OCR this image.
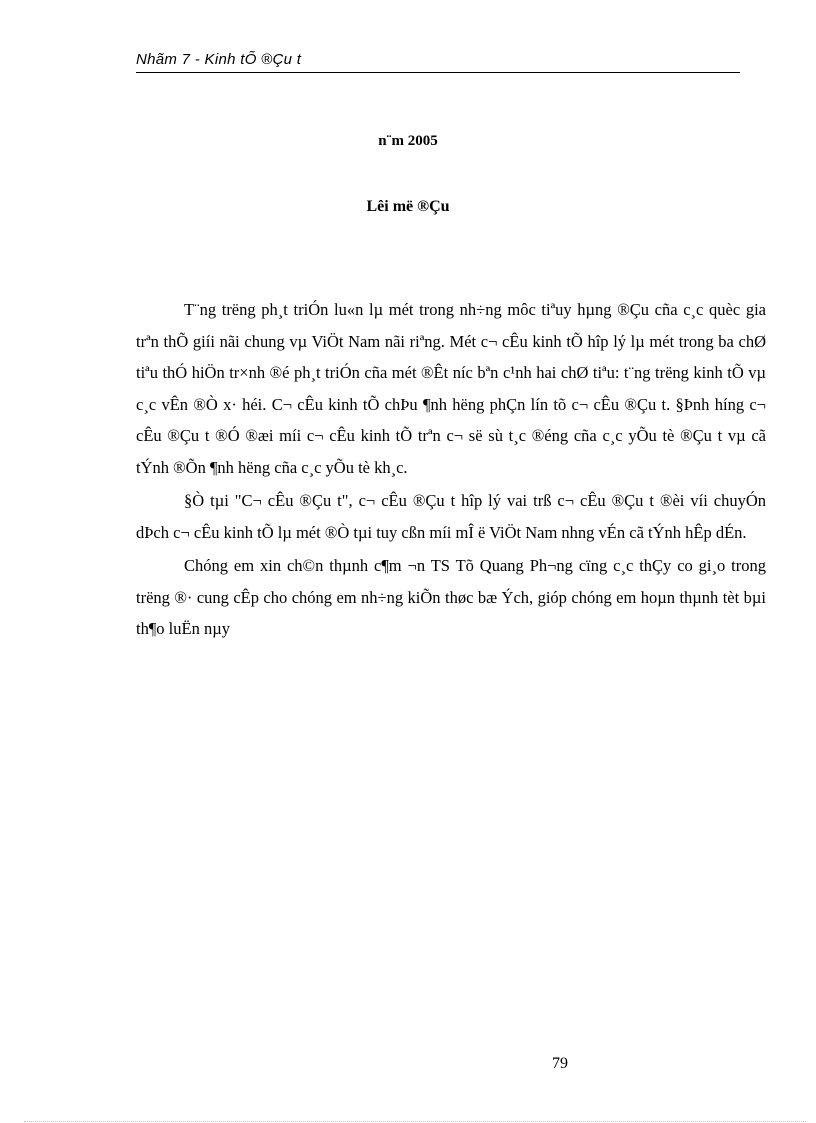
Nhãm 7 - Kinh tÕ ®Çu t
n¨m 2005
Lêi më ®Çu

T¨ng trëng ph¸t triÓn lu«n lµ mét trong nh÷ng môc tiªuy hµng ®Çu cña c¸c quèc gia trªn thÕ giíi nãi chung vµ ViÖt Nam nãi riªng. Mét c¬ cÊu kinh tÕ hîp lý lµ mét trong ba chØ tiªu thÓ hiÖn tr×nh ®é ph¸t triÓn cña mét ®Êt níc bªn c¹nh hai chØ tiªu: t¨ng trëng kinh tÕ vµ c¸c vÊn ®Ò x· héi. C¬ cÊu kinh tÕ chÞu ¶nh hëng phÇn lín tõ c¬ cÊu ®Çu t. §Þnh híng c¬ cÊu ®Çu t ®Ó ®æi míi c¬ cÊu kinh tÕ trªn c¬ së sù t¸c ®éng cña c¸c yÕu tè ®Çu t vµ cã tÝnh ®Õn ¶nh hëng cña c¸c yÕu tè kh¸c.

§Ò tµi "C¬ cÊu ®Çu t", c¬ cÊu ®Çu t hîp lý vai trß c¬ cÊu ®Çu t ®èi víi chuyÓn dÞch c¬ cÊu kinh tÕ lµ mét ®Ò tµi tuy cßn míi mÎ ë ViÖt Nam nhng vÉn cã tÝnh hÊp dÉn.

Chóng em xin ch©n thµnh c¶m ¬n TS Tõ Quang Ph¬ng cïng c¸c thÇy co gi¸o trong trëng ®· cung cÊp cho chóng em nh÷ng kiÕn thøc bæ Ých, gióp chóng em hoµn thµnh tèt bµi th¶o luËn nµy

79
